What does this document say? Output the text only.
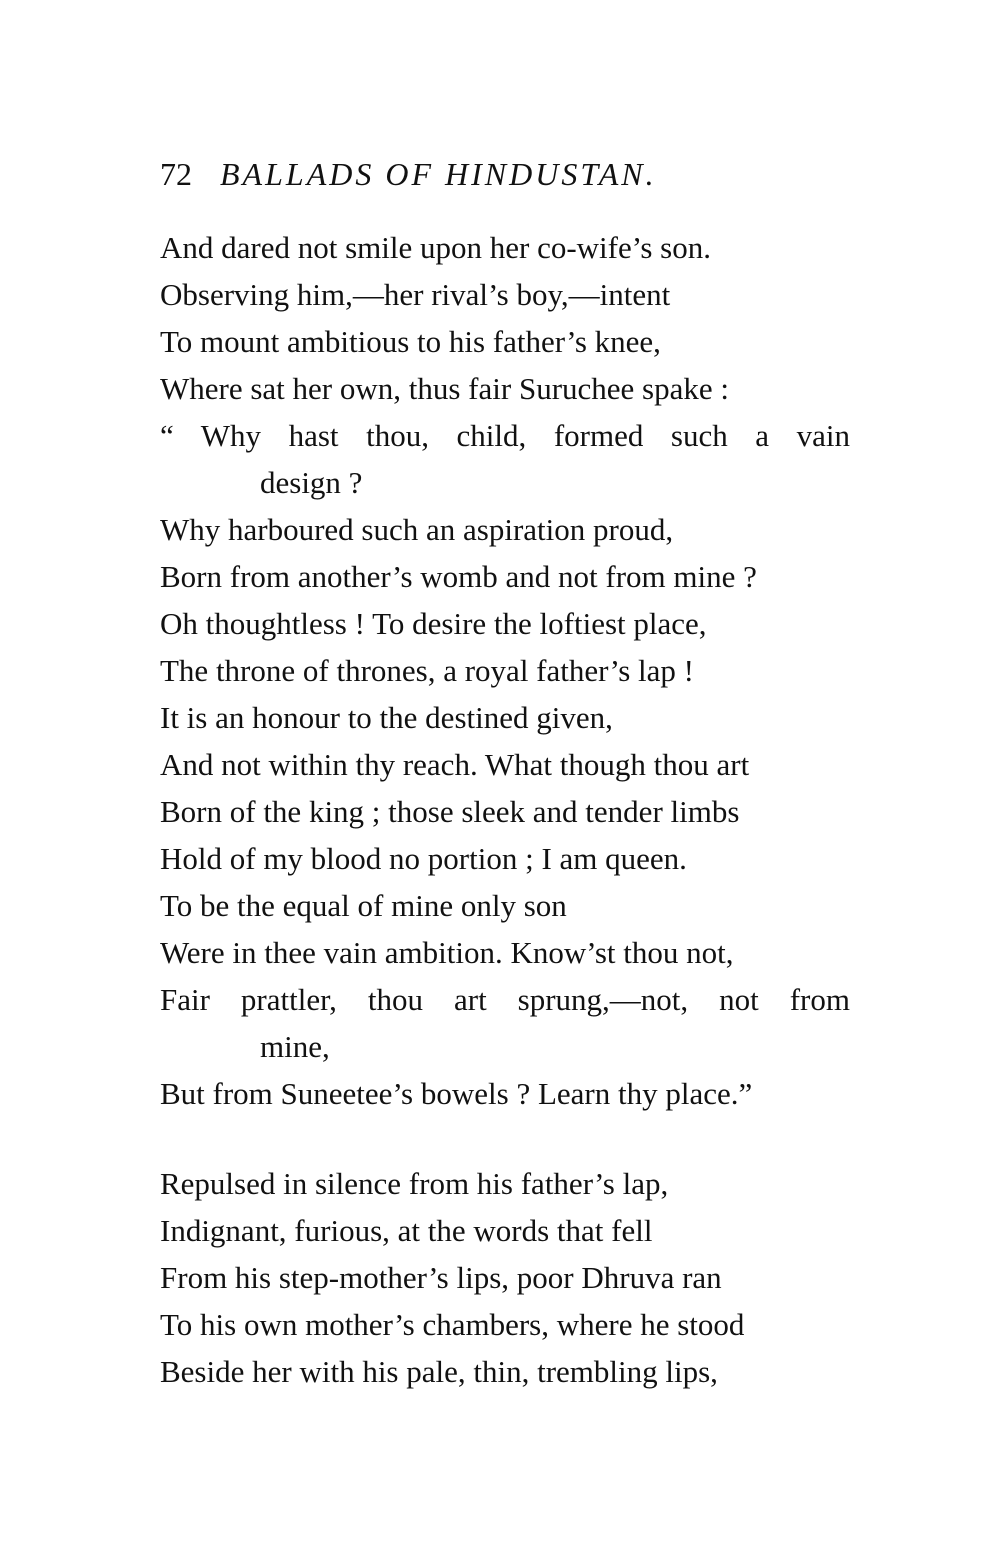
72 BALLADS OF HINDUSTAN.
And dared not smile upon her co-wife’s son.
Observing him,—her rival’s boy,—intent
To mount ambitious to his father’s knee,
Where sat her own, thus fair Suruchee spake :
“ Why hast thou, child, formed such a vain
design ?
Why harboured such an aspiration proud,
Born from another’s womb and not from mine ?
Oh thoughtless ! To desire the loftiest place,
The throne of thrones, a royal father’s lap !
It is an honour to the destined given,
And not within thy reach. What though thou art
Born of the king ; those sleek and tender limbs
Hold of my blood no portion ; I am queen.
To be the equal of mine only son
Were in thee vain ambition. Know’st thou not,
Fair prattler, thou art sprung,—not, not from
mine,
But from Suneetee’s bowels ? Learn thy place.”
Repulsed in silence from his father’s lap,
Indignant, furious, at the words that fell
From his step-mother’s lips, poor Dhruva ran
To his own mother’s chambers, where he stood
Beside her with his pale, thin, trembling lips,
